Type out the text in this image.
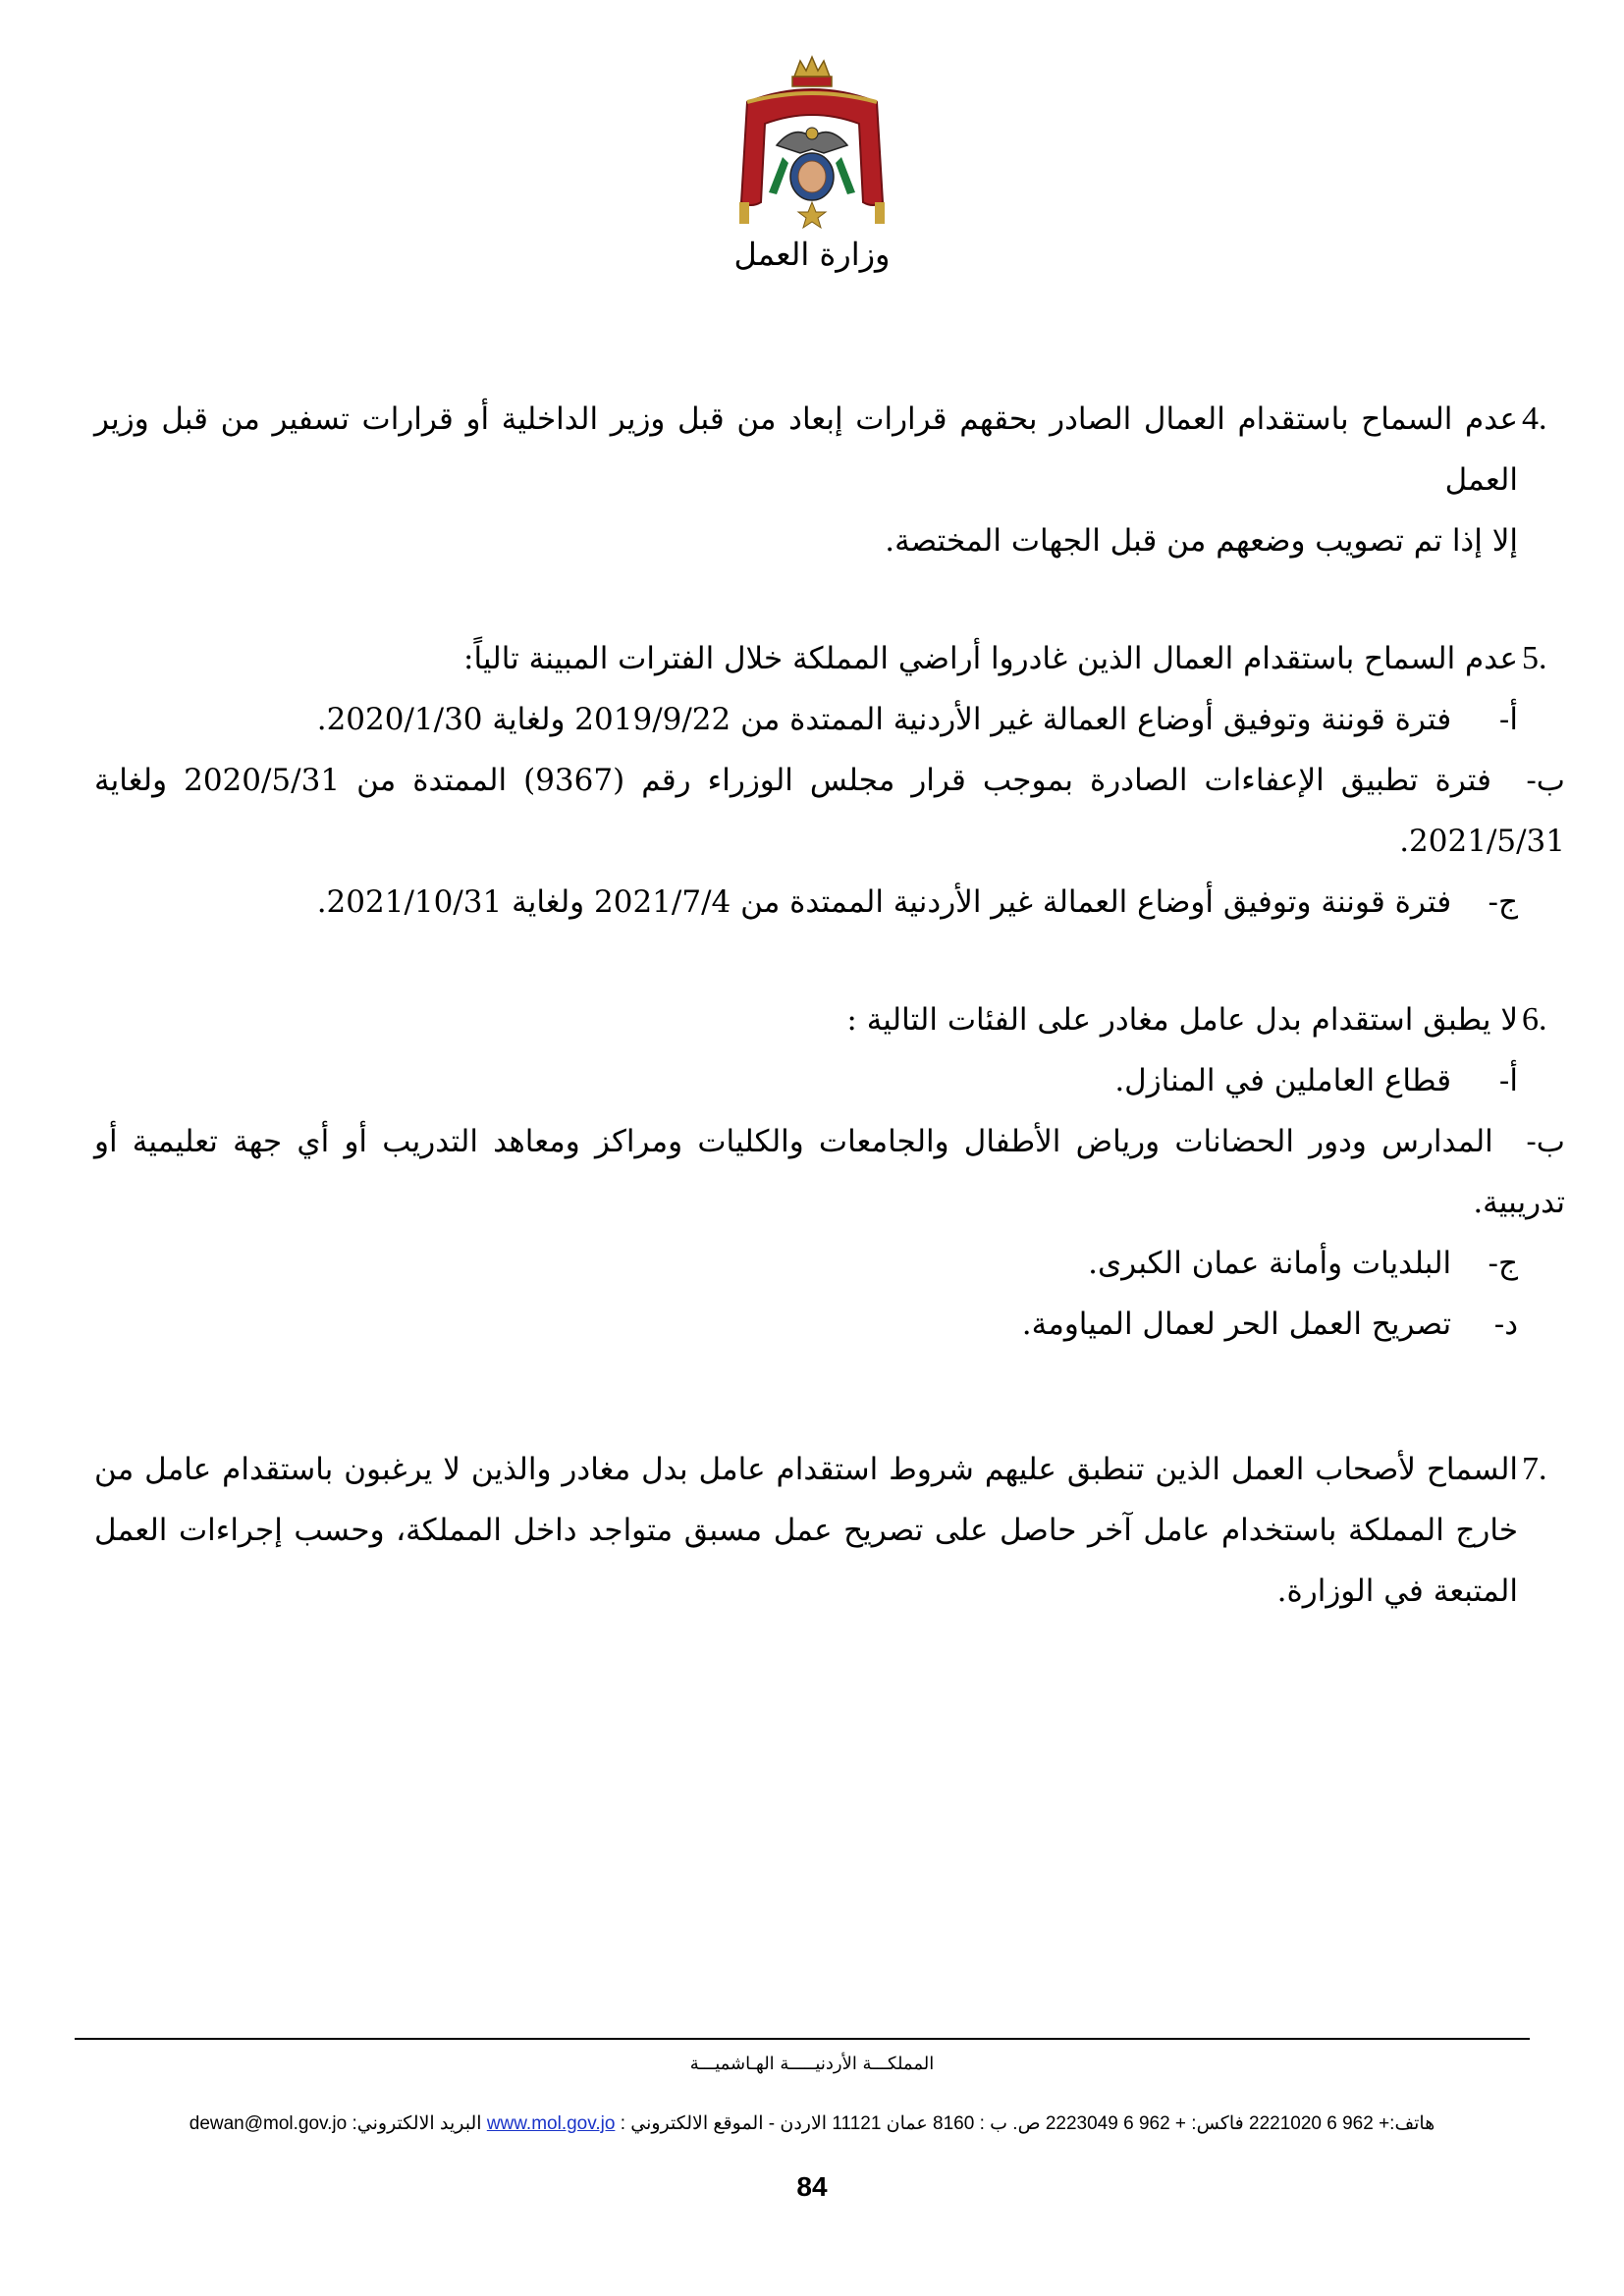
وزارة العمل
4.

عدم السماح باستقدام العمال الصادر بحقهم قرارات إبعاد من قبل وزير الداخلية أو قرارات تسفير من قبل وزير العمل

إلا إذا تم تصويب وضعهم من قبل الجهات المختصة.

5.

عدم السماح باستقدام العمال الذين غادروا أراضي المملكة خلال الفترات المبينة تالياً:

أ- فترة قوننة وتوفيق أوضاع العمالة غير الأردنية الممتدة من 2019/9/22 ولغاية 2020/1/30.

ب- فترة تطبيق الإعفاءات الصادرة بموجب قرار مجلس الوزراء رقم (9367) الممتدة من 2020/5/31 ولغاية 2021/5/31.

ج- فترة قوننة وتوفيق أوضاع العمالة غير الأردنية الممتدة من 2021/7/4 ولغاية 2021/10/31.

6.

لا يطبق استقدام بدل عامل مغادر على الفئات التالية :

أ- قطاع العاملين في المنازل.

ب- المدارس ودور الحضانات ورياض الأطفال والجامعات والكليات ومراكز ومعاهد التدريب أو أي جهة تعليمية أو تدريبية.

ج- البلديات وأمانة عمان الكبرى.

د- تصريح العمل الحر لعمال المياومة.

7.

السماح لأصحاب العمل الذين تنطبق عليهم شروط استقدام عامل بدل مغادر والذين لا يرغبون باستقدام عامل من خارج المملكة باستخدام عامل آخر حاصل على تصريح عمل مسبق متواجد داخل المملكة، وحسب إجراءات العمل المتبعة في الوزارة.

المملكـــة الأردنيـــــة الهـاشميـــة
هاتف:+ 962 6 2221020 فاكس: + 962 6 2223049 ص. ب : 8160 عمان 11121 الاردن - الموقع الالكتروني : www.mol.gov.jo البريد الالكتروني: dewan@mol.gov.jo
84
